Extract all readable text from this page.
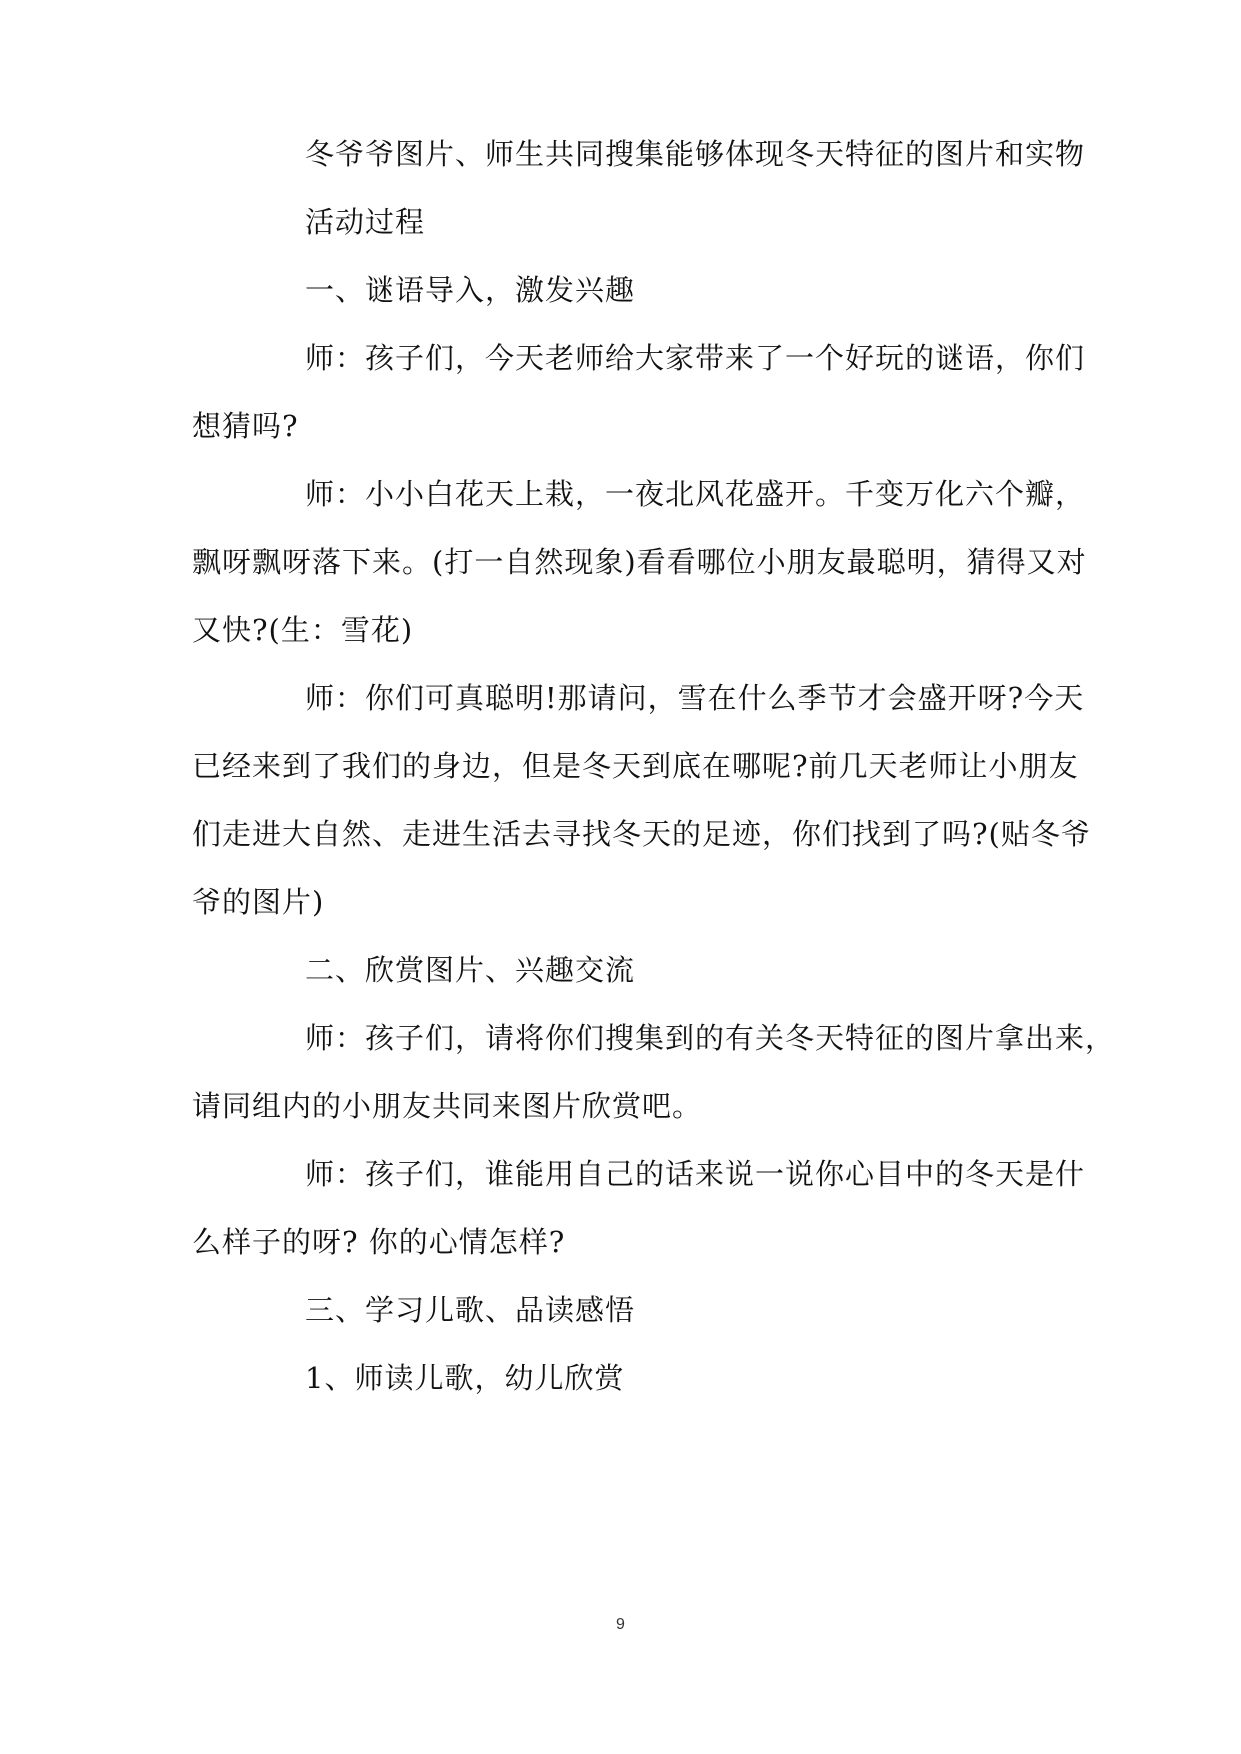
冬爷爷图片、师生共同搜集能够体现冬天特征的图片和实物
活动过程
一、谜语导入，激发兴趣
师：孩子们，今天老师给大家带来了一个好玩的谜语，你们
想猜吗?
师：小小白花天上栽，一夜北风花盛开。千变万化六个瓣，
飘呀飘呀落下来。(打一自然现象)看看哪位小朋友最聪明，猜得又对
又快?(生：雪花)
师：你们可真聪明!那请问，雪在什么季节才会盛开呀?今天
已经来到了我们的身边，但是冬天到底在哪呢?前几天老师让小朋友
们走进大自然、走进生活去寻找冬天的足迹，你们找到了吗?(贴冬爷
爷的图片)
二、欣赏图片、兴趣交流
师：孩子们，请将你们搜集到的有关冬天特征的图片拿出来，
请同组内的小朋友共同来图片欣赏吧。
师：孩子们，谁能用自己的话来说一说你心目中的冬天是什
么样子的呀? 你的心情怎样?
三、学习儿歌、品读感悟
1、师读儿歌，幼儿欣赏
9
